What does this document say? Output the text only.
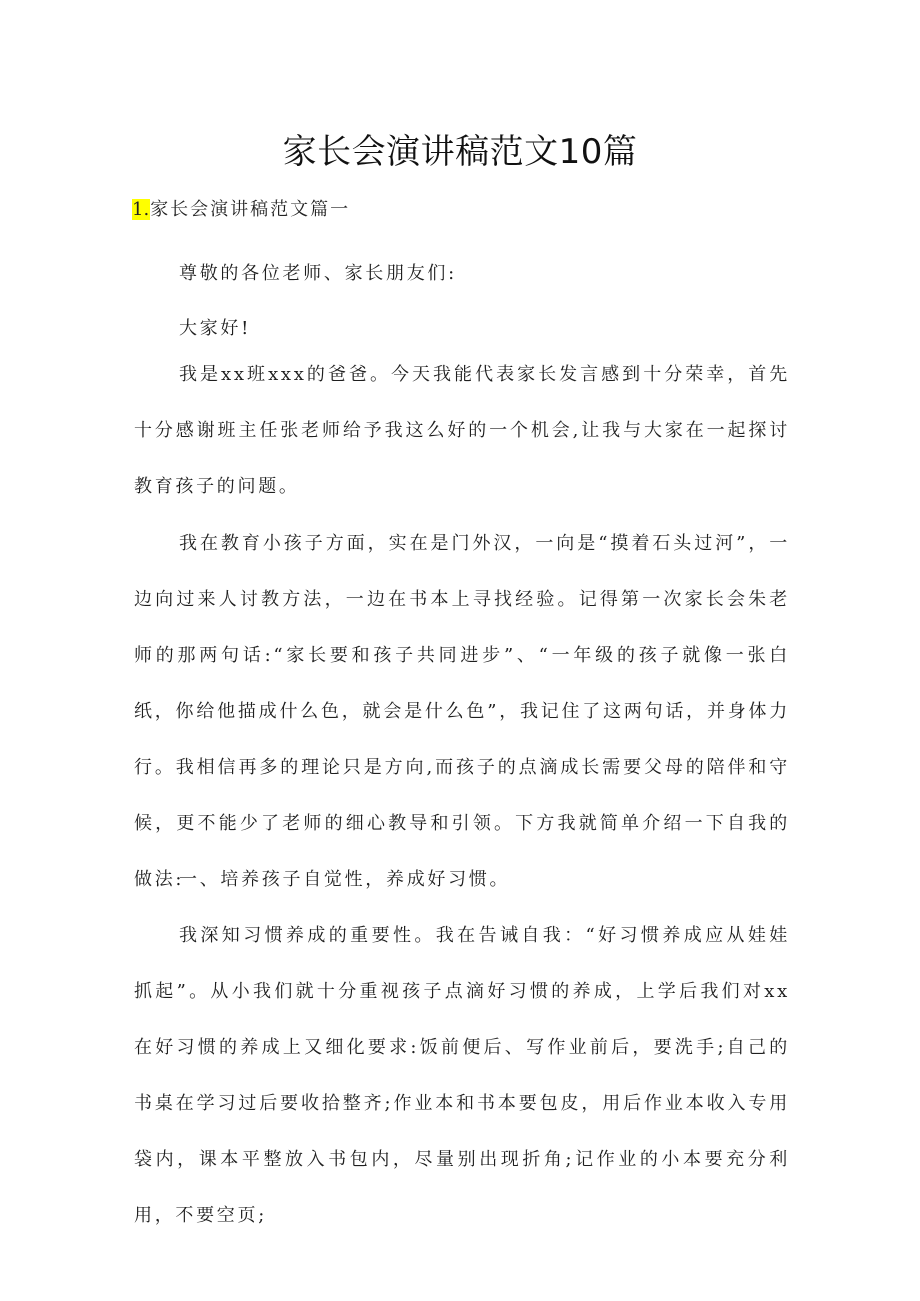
家长会演讲稿范文10篇
1.家长会演讲稿范文篇一

尊敬的各位老师、家长朋友们:

大家好!

我是xx班xxx的爸爸。今天我能代表家长发言感到十分荣幸，首先十分感谢班主任张老师给予我这么好的一个机会,让我与大家在一起探讨教育孩子的问题。

我在教育小孩子方面，实在是门外汉，一向是“摸着石头过河”，一边向过来人讨教方法，一边在书本上寻找经验。记得第一次家长会朱老师的那两句话:“家长要和孩子共同进步”、“一年级的孩子就像一张白纸，你给他描成什么色，就会是什么色”，我记住了这两句话，并身体力行。我相信再多的理论只是方向,而孩子的点滴成长需要父母的陪伴和守候，更不能少了老师的细心教导和引领。下方我就简单介绍一下自我的做法:

一、培养孩子自觉性，养成好习惯。

我深知习惯养成的重要性。我在告诫自我：“好习惯养成应从娃娃抓起”。从小我们就十分重视孩子点滴好习惯的养成，上学后我们对xx在好习惯的养成上又细化要求:饭前便后、写作业前后，要洗手;自己的书桌在学习过后要收拾整齐;作业本和书本要包皮，用后作业本收入专用袋内，课本平整放入书包内，尽量别出现折角;记作业的小本要充分利用，不要空页;
